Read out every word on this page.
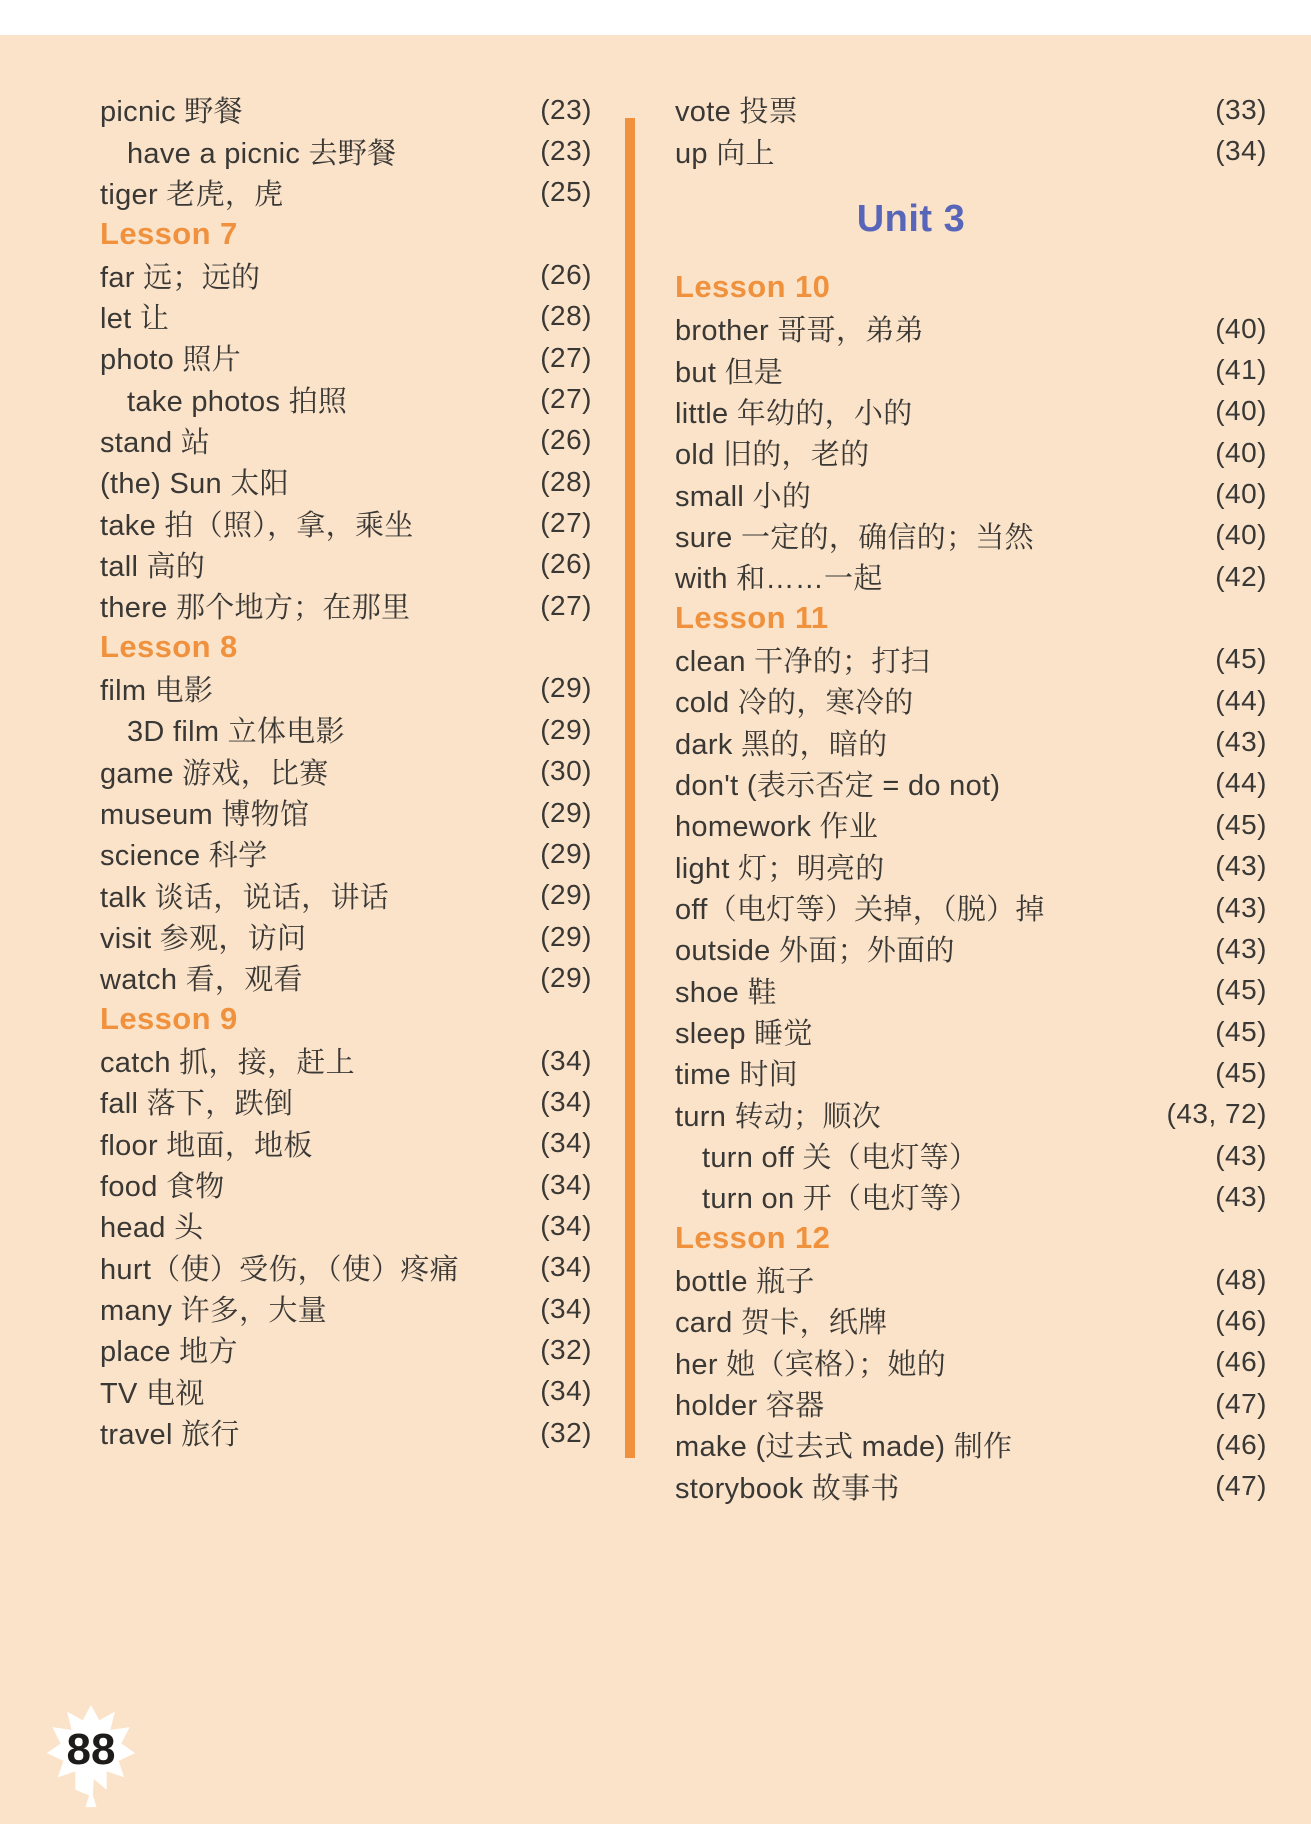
picnic 野餐	(23)
have a picnic 去野餐	(23)
tiger 老虎，虎	(25)
Lesson 7
far 远；远的	(26)
let 让	(28)
photo 照片	(27)
take photos 拍照	(27)
stand 站	(26)
(the) Sun 太阳	(28)
take 拍（照），拿，乘坐	(27)
tall 高的	(26)
there 那个地方；在那里	(27)
Lesson 8
film 电影	(29)
3D film 立体电影	(29)
game 游戏，比赛	(30)
museum 博物馆	(29)
science 科学	(29)
talk 谈话，说话，讲话	(29)
visit 参观，访问	(29)
watch 看，观看	(29)
Lesson 9
catch 抓，接，赶上	(34)
fall 落下，跌倒	(34)
floor 地面，地板	(34)
food 食物	(34)
head 头	(34)
hurt（使）受伤，（使）疼痛	(34)
many 许多，大量	(34)
place 地方	(32)
TV 电视	(34)
travel 旅行	(32)
vote 投票	(33)
up 向上	(34)
Unit 3
Lesson 10
brother 哥哥，弟弟	(40)
but 但是	(41)
little 年幼的，小的	(40)
old 旧的，老的	(40)
small 小的	(40)
sure 一定的，确信的；当然	(40)
with 和……一起	(42)
Lesson 11
clean 干净的；打扫	(45)
cold 冷的，寒冷的	(44)
dark 黑的，暗的	(43)
don't (表示否定 = do not)	(44)
homework 作业	(45)
light 灯；明亮的	(43)
off（电灯等）关掉，（脱）掉	(43)
outside 外面；外面的	(43)
shoe 鞋	(45)
sleep 睡觉	(45)
time 时间	(45)
turn 转动；顺次	(43, 72)
turn off 关（电灯等）	(43)
turn on 开（电灯等）	(43)
Lesson 12
bottle 瓶子	(48)
card 贺卡，纸牌	(46)
her 她（宾格）；她的	(46)
holder 容器	(47)
make (过去式 made) 制作	(46)
storybook 故事书	(47)
88
